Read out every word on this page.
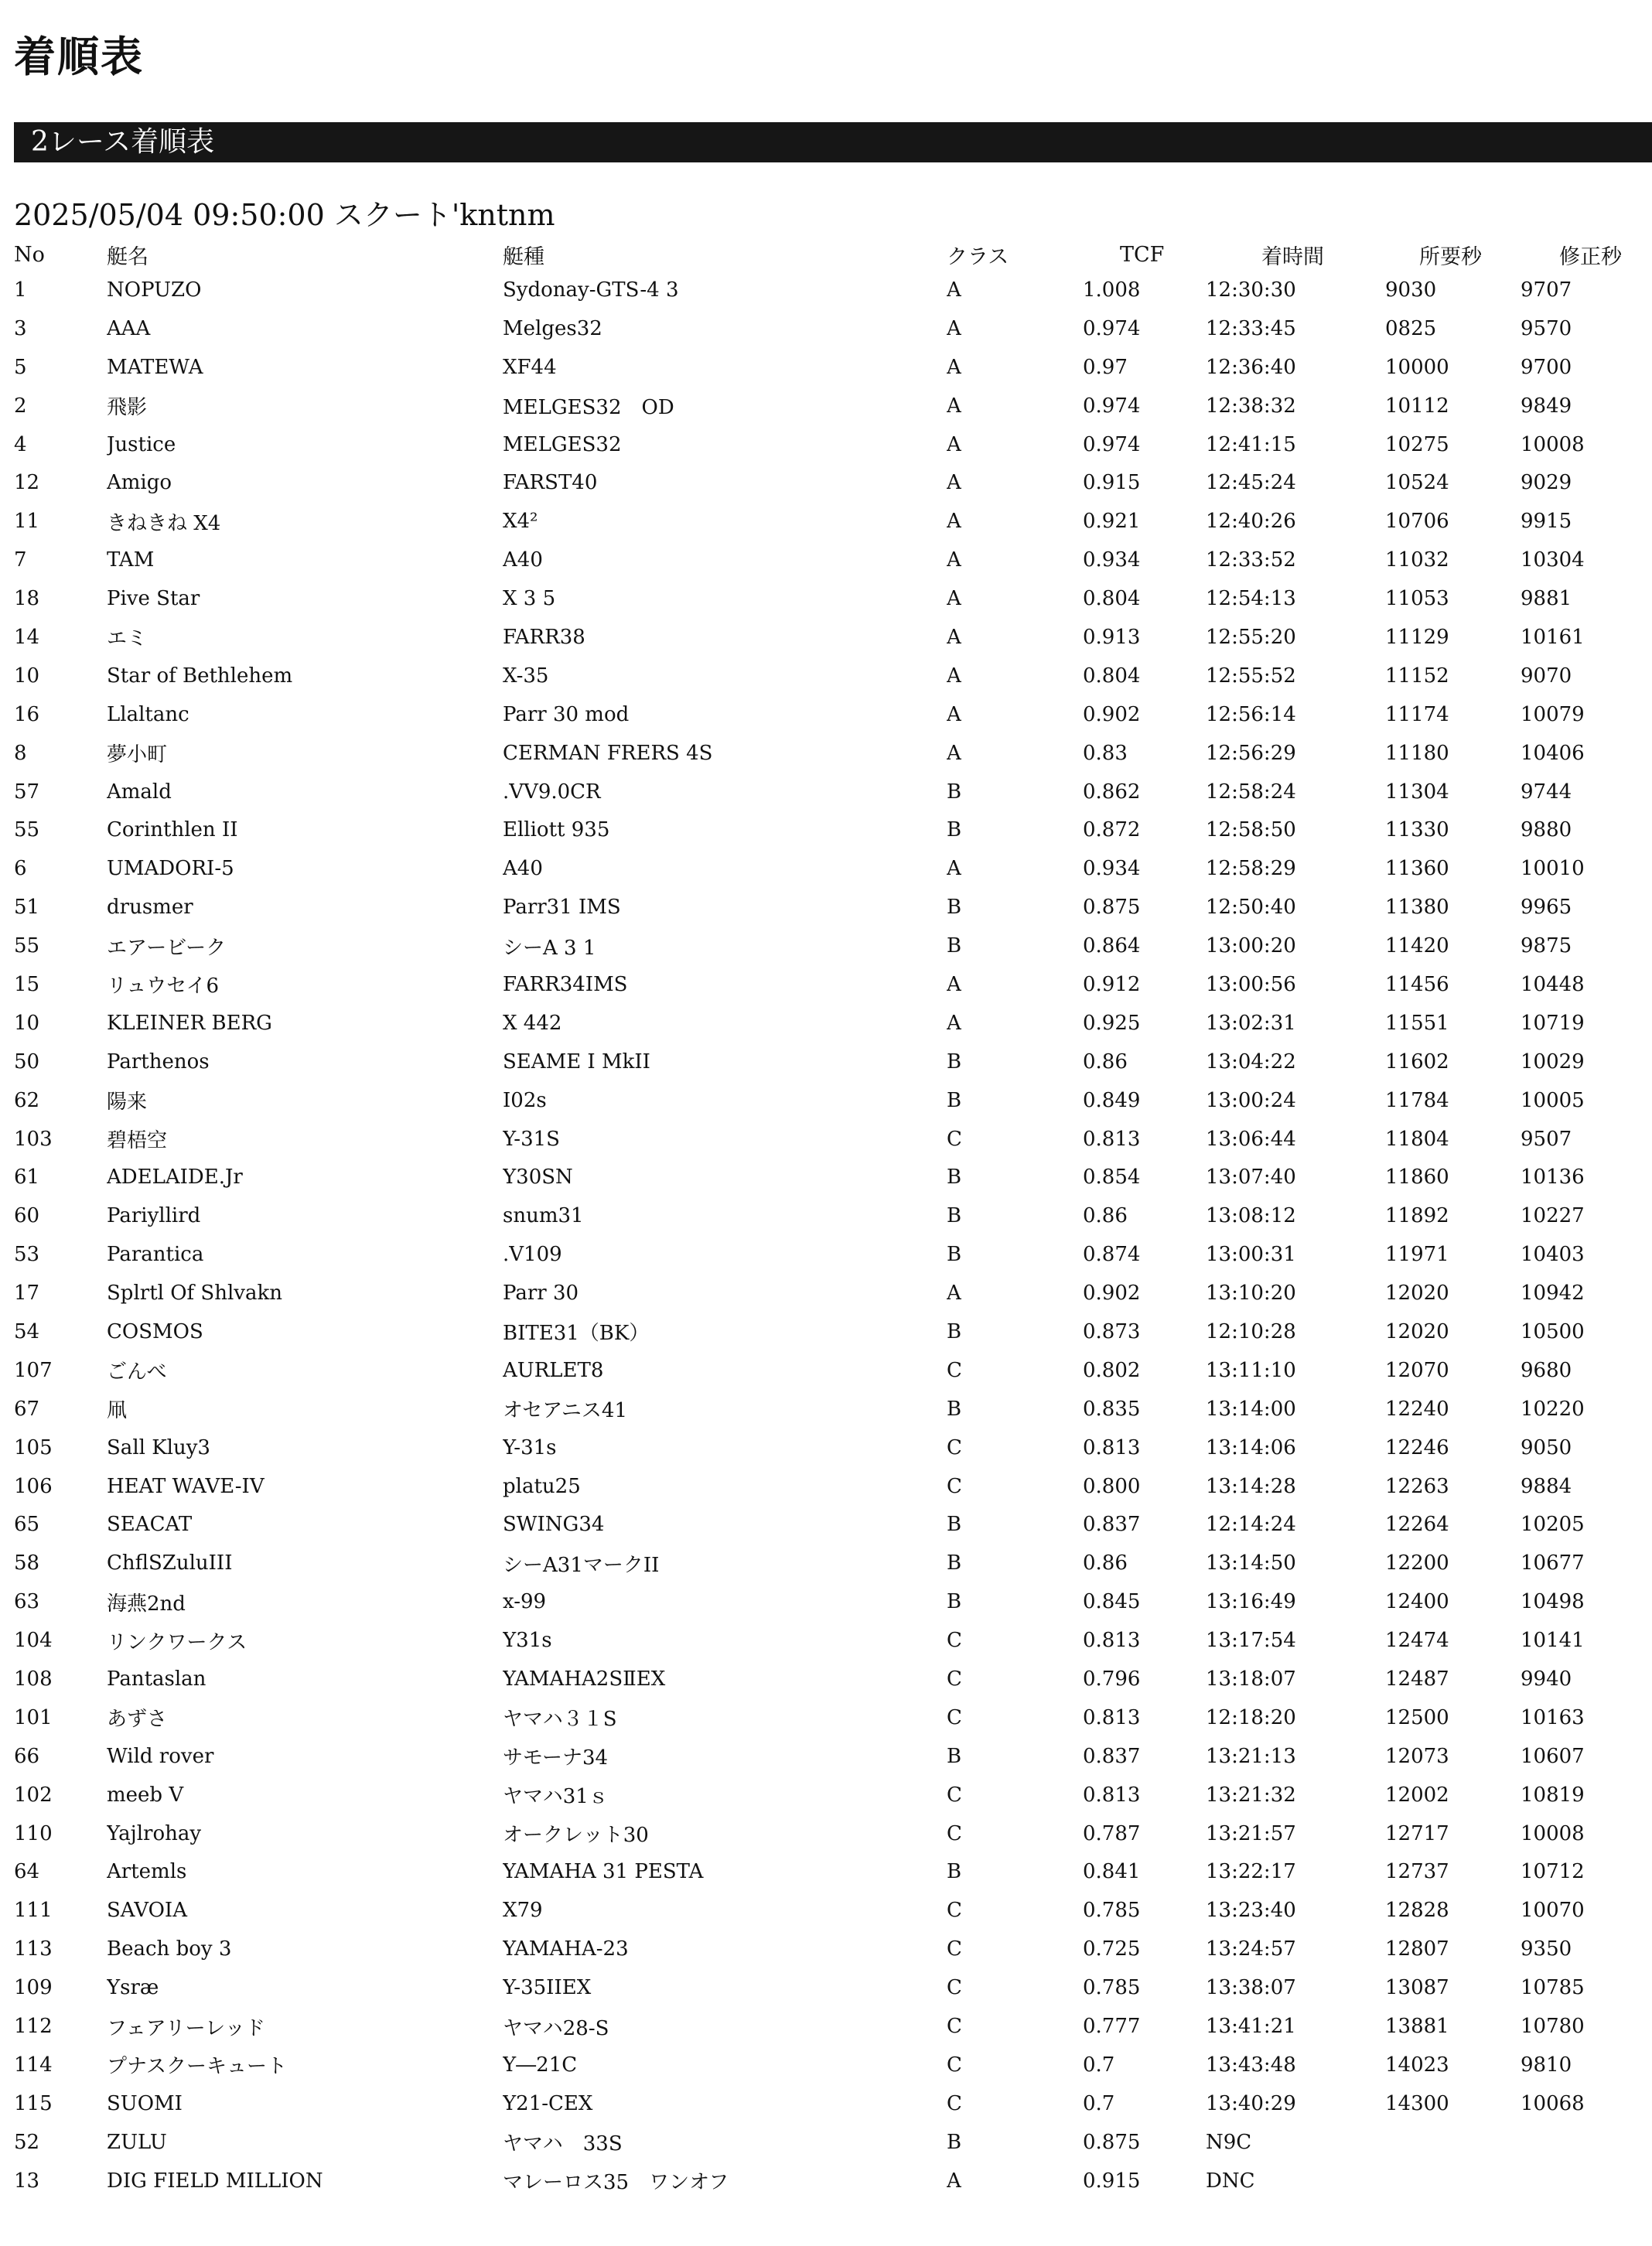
着順表
2レース着順表
2025/05/04 09:50:00 スクート'kntnm
No	艇名	艇種	クラス	TCF	着時間	所要秒	修正秒
1	NOPUZO	Sydonay-GTS-4 3	A	1.008	12:30:30	9030	9707
3	AAA	Melges32	A	0.974	12:33:45	0825	9570
5	MATEWA	XF44	A	0.97	12:36:40	10000	9700
2	飛影	MELGES32　OD	A	0.974	12:38:32	10112	9849
4	Justice	MELGES32	A	0.974	12:41:15	10275	10008
12	Amigo	FARST40	A	0.915	12:45:24	10524	9029
11	きねきね X4	X4²	A	0.921	12:40:26	10706	9915
7	TAM	A40	A	0.934	12:33:52	11032	10304
18	Pive Star	X 3 5	A	0.804	12:54:13	11053	9881
14	エミ	FARR38	A	0.913	12:55:20	11129	10161
10	Star of Bethlehem	X-35	A	0.804	12:55:52	11152	9070
16	Llaltanc	Parr 30 mod	A	0.902	12:56:14	11174	10079
8	夢小町	CERMAN FRERS 4S	A	0.83	12:56:29	11180	10406
57	Amald	.VV9.0CR	B	0.862	12:58:24	11304	9744
55	Corinthlen II	Elliott 935	B	0.872	12:58:50	11330	9880
6	UMADORI-5	A40	A	0.934	12:58:29	11360	10010
51	drusmer	Parr31 IMS	B	0.875	12:50:40	11380	9965
55	エアービーク	シーA 3 1	B	0.864	13:00:20	11420	9875
15	リュウセイ6	FARR34IMS	A	0.912	13:00:56	11456	10448
10	KLEINER BERG	X 442	A	0.925	13:02:31	11551	10719
50	Parthenos	SEAME I MkII	B	0.86	13:04:22	11602	10029
62	陽来	I02s	B	0.849	13:00:24	11784	10005
103	碧梧空	Y-31S	C	0.813	13:06:44	11804	9507
61	ADELAIDE.Jr	Y30SN	B	0.854	13:07:40	11860	10136
60	Pariyllird	snum31	B	0.86	13:08:12	11892	10227
53	Parantica	.V109	B	0.874	13:00:31	11971	10403
17	Splrtl Of Shlvakn	Parr 30	A	0.902	13:10:20	12020	10942
54	COSMOS	BITE31（BK）	B	0.873	12:10:28	12020	10500
107	ごんべ	AURLET8	C	0.802	13:11:10	12070	9680
67	凧	オセアニス41	B	0.835	13:14:00	12240	10220
105	Sall Kluy3	Y-31s	C	0.813	13:14:06	12246	9050
106	HEAT WAVE-IV	platu25	C	0.800	13:14:28	12263	9884
65	SEACAT	SWING34	B	0.837	12:14:24	12264	10205
58	ChflSZuluIII	シーA31マークII	B	0.86	13:14:50	12200	10677
63	海燕2nd	x-99	B	0.845	13:16:49	12400	10498
104	リンクワークス	Y31s	C	0.813	13:17:54	12474	10141
108	Pantaslan	YAMAHA2SⅡEX	C	0.796	13:18:07	12487	9940
101	あずさ	ヤマハ３１S	C	0.813	12:18:20	12500	10163
66	Wild rover	サモーナ34	B	0.837	13:21:13	12073	10607
102	meeb V	ヤマハ31ｓ	C	0.813	13:21:32	12002	10819
110	Yajlrohay	オークレット30	C	0.787	13:21:57	12717	10008
64	Artemls	YAMAHA 31 PESTA	B	0.841	13:22:17	12737	10712
111	SAVOIA	X79	C	0.785	13:23:40	12828	10070
113	Beach boy 3	YAMAHA-23	C	0.725	13:24:57	12807	9350
109	Ysræ	Y-35IIEX	C	0.785	13:38:07	13087	10785
112	フェアリーレッド	ヤマハ28-S	C	0.777	13:41:21	13881	10780
114	プナスクーキュート	Y―21C	C	0.7	13:43:48	14023	9810
115	SUOMI	Y21-CEX	C	0.7	13:40:29	14300	10068
52	ZULU	ヤマハ　33S	B	0.875	N9C		
13	DIG FIELD MILLION	マレーロス35　ワンオフ	A	0.915	DNC		
